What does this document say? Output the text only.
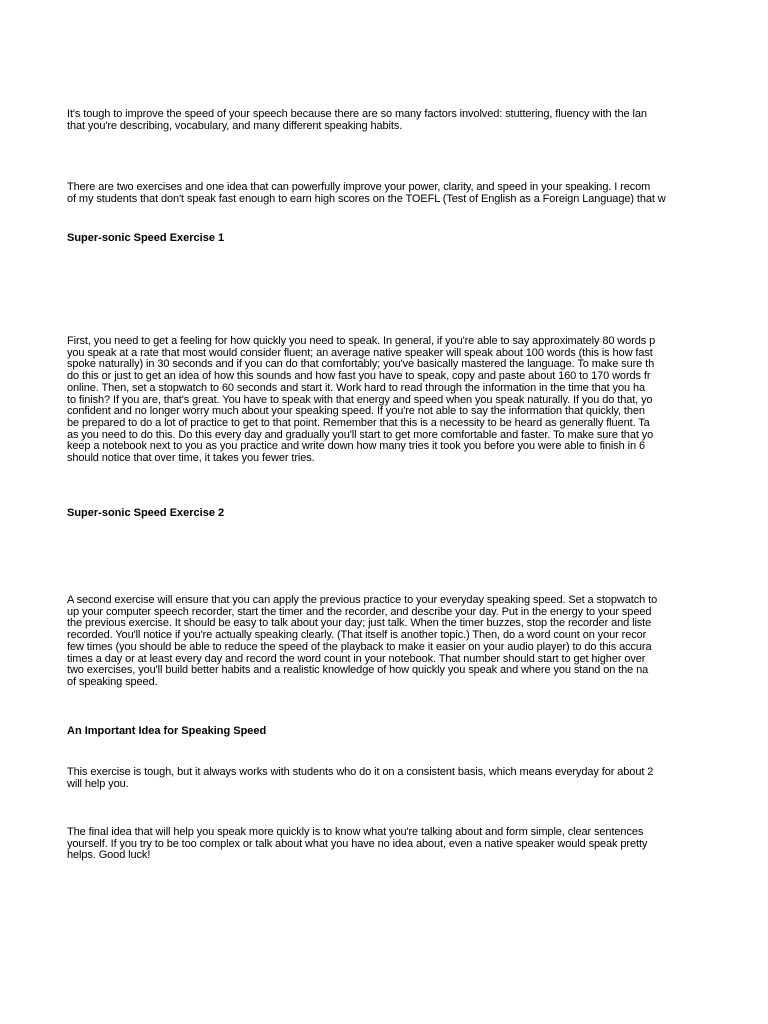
It's tough to improve the speed of your speech because there are so many factors involved: stuttering, fluency with the lan
that you're describing, vocabulary, and many different speaking habits.

There are two exercises and one idea that can powerfully improve your power, clarity, and speed in your speaking. I recom
of my students that don't speak fast enough to earn high scores on the TOEFL (Test of English as a Foreign Language) that w

Super-sonic Speed Exercise 1

First, you need to get a feeling for how quickly you need to speak. In general, if you're able to say approximately 80 words p
you speak at a rate that most would consider fluent; an average native speaker will speak about 100 words (this is how fast
spoke naturally) in 30 seconds and if you can do that comfortably; you've basically mastered the language. To make sure th
do this or just to get an idea of how this sounds and how fast you have to speak, copy and paste about 160 to 170 words fr
online. Then, set a stopwatch to 60 seconds and start it. Work hard to read through the information in the time that you ha
to finish? If you are, that's great. You have to speak with that energy and speed when you speak naturally. If you do that, yo
confident and no longer worry much about your speaking speed. If you're not able to say the information that quickly, then
be prepared to do a lot of practice to get to that point. Remember that this is a necessity to be heard as generally fluent. Ta
as you need to do this. Do this every day and gradually you'll start to get more comfortable and faster. To make sure that yo
keep a notebook next to you as you practice and write down how many tries it took you before you were able to finish in 6
should notice that over time, it takes you fewer tries.

Super-sonic Speed Exercise 2

A second exercise will ensure that you can apply the previous practice to your everyday speaking speed. Set a stopwatch to
up your computer speech recorder, start the timer and the recorder, and describe your day. Put in the energy to your speed
the previous exercise. It should be easy to talk about your day; just talk. When the timer buzzes, stop the recorder and liste
recorded. You'll notice if you're actually speaking clearly. (That itself is another topic.) Then, do a word count on your recor
few times (you should be able to reduce the speed of the playback to make it easier on your audio player) to do this accura
times a day or at least every day and record the word count in your notebook. That number should start to get higher over
two exercises, you'll build better habits and a realistic knowledge of how quickly you speak and where you stand on the na
of speaking speed.

An Important Idea for Speaking Speed

This exercise is tough, but it always works with students who do it on a consistent basis, which means everyday for about 2
will help you.

The final idea that will help you speak more quickly is to know what you're talking about and form simple, clear sentences
yourself. If you try to be too complex or talk about what you have no idea about, even a native speaker would speak pretty
helps. Good luck!
